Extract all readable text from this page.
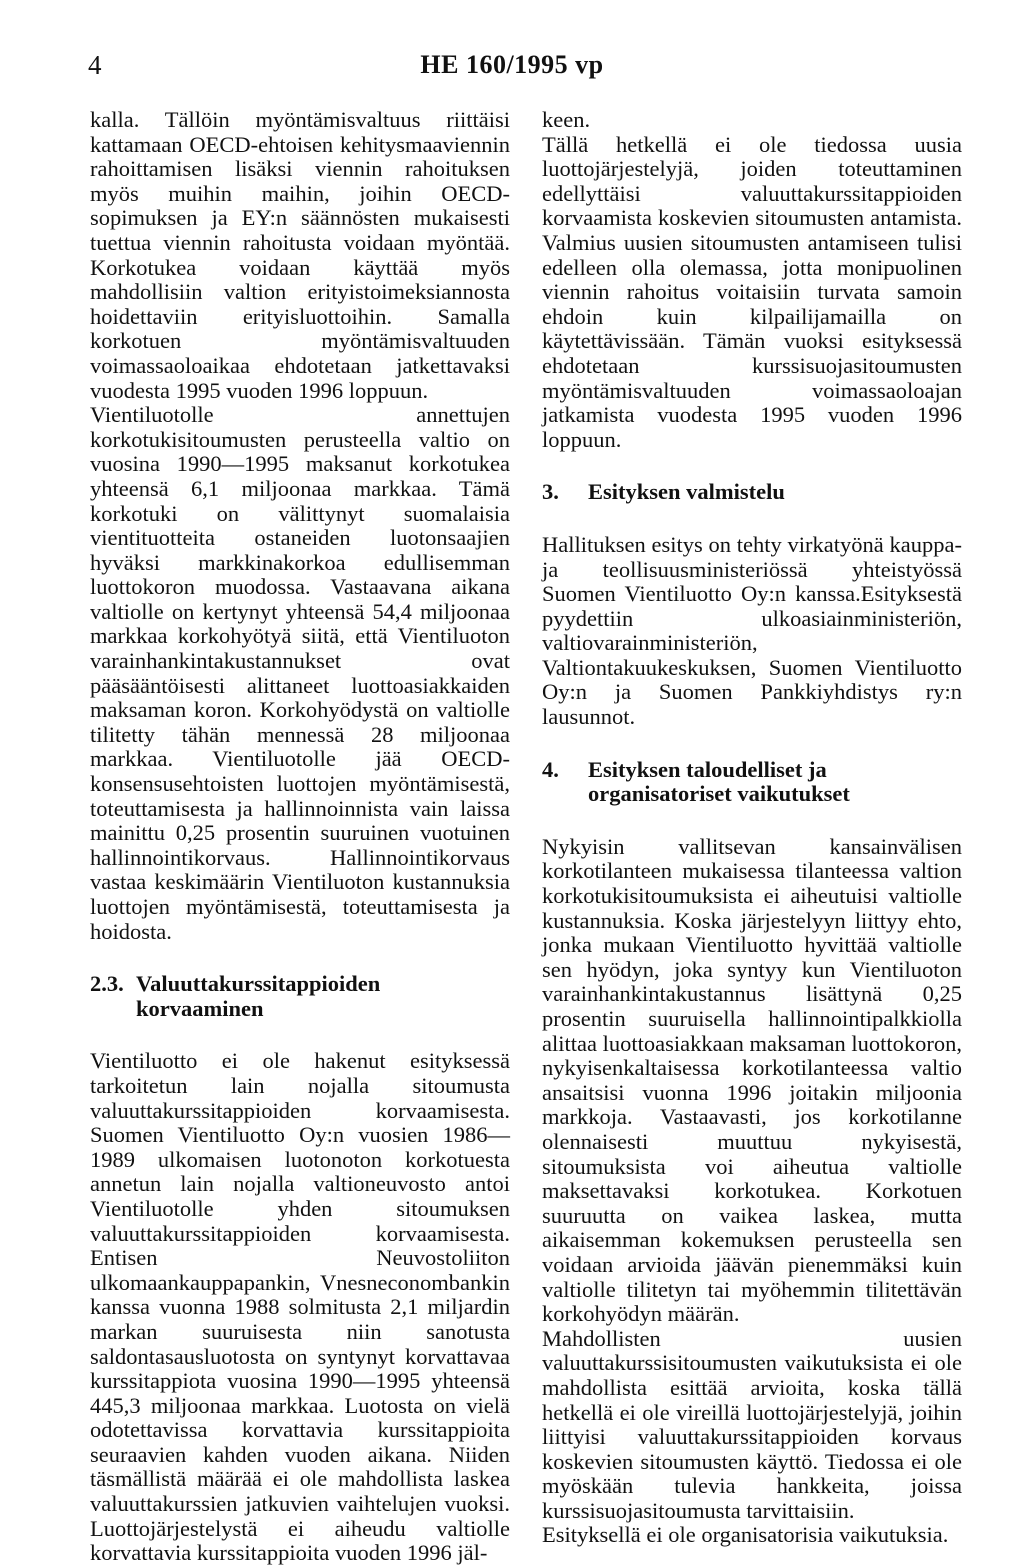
4	HE 160/1995 vp

kalla. Tällöin myöntämisvaltuus riittäisi kattamaan OECD-ehtoisen kehitysmaaviennin rahoittamisen lisäksi viennin rahoituksen myös muihin maihin, joihin OECD-sopimuksen ja EY:n säännösten mukaisesti tuettua viennin rahoitusta voidaan myöntää. Korkotukea voidaan käyttää myös mahdollisiin valtion erityistoimeksiannosta hoidettaviin erityisluottoihin. Samalla korkotuen myöntämisvaltuuden voimassaoloaikaa ehdotetaan jatkettavaksi vuodesta 1995 vuoden 1996 loppuun.

Vientiluotolle annettujen korkotukisitoumusten perusteella valtio on vuosina 1990—1995 maksanut korkotukea yhteensä 6,1 miljoonaa markkaa. Tämä korkotuki on välittynyt suomalaisia vientituotteita ostaneiden luotonsaajien hyväksi markkinakorkoa edullisemman luottokoron muodossa. Vastaavana aikana valtiolle on kertynyt yhteensä 54,4 miljoonaa markkaa korkohyötyä siitä, että Vientiluoton varainhankintakustannukset ovat pääsääntöisesti alittaneet luottoasiakkaiden maksaman koron. Korkohyödystä on valtiolle tilitetty tähän mennessä 28 miljoonaa markkaa. Vientiluotolle jää OECD-konsensusehtoisten luottojen myöntämisestä, toteuttamisesta ja hallinnoinnista vain laissa mainittu 0,25 prosentin suuruinen vuotuinen hallinnointikorvaus. Hallinnointikorvaus vastaa keskimäärin Vientiluoton kustannuksia luottojen myöntämisestä, toteuttamisesta ja hoidosta.

2.3. Valuuttakurssitappioiden korvaaminen

Vientiluotto ei ole hakenut esityksessä tarkoitetun lain nojalla sitoumusta valuuttakurssitappioiden korvaamisesta. Suomen Vientiluotto Oy:n vuosien 1986—1989 ulkomaisen luotonoton korkotuesta annetun lain nojalla valtioneuvosto antoi Vientiluotolle yhden sitoumuksen valuuttakurssitappioiden korvaamisesta. Entisen Neuvostoliiton ulkomaankauppapankin, Vnesneconombankin kanssa vuonna 1988 solmitusta 2,1 miljardin markan suuruisesta niin sanotusta saldontasausluotosta on syntynyt korvattavaa kurssitappiota vuosina 1990—1995 yhteensä 445,3 miljoonaa markkaa. Luotosta on vielä odotettavissa korvattavia kurssitappioita seuraavien kahden vuoden aikana. Niiden täsmällistä määrää ei ole mahdollista laskea valuuttakurssien jatkuvien vaihtelujen vuoksi. Luottojärjestelystä ei aiheudu valtiolle korvattavia kurssitappioita vuoden 1996 jäl-

keen.

Tällä hetkellä ei ole tiedossa uusia luottojärjestelyjä, joiden toteuttaminen edellyttäisi valuuttakurssitappioiden korvaamista koskevien sitoumusten antamista. Valmius uusien sitoumusten antamiseen tulisi edelleen olla olemassa, jotta monipuolinen viennin rahoitus voitaisiin turvata samoin ehdoin kuin kilpailijamailla on käytettävissään. Tämän vuoksi esityksessä ehdotetaan kurssisuojasitoumusten myöntämisvaltuuden voimassaoloajan jatkamista vuodesta 1995 vuoden 1996 loppuun.

3.	Esityksen valmistelu

Hallituksen esitys on tehty virkatyönä kauppa- ja teollisuusministeriössä yhteistyössä Suomen Vientiluotto Oy:n kanssa.Esityksestä pyydettiin ulkoasiainministeriön, valtiovarainministeriön, Valtiontakuukeskuksen, Suomen Vientiluotto Oy:n ja Suomen Pankkiyhdistys ry:n lausunnot.

4.	Esityksen taloudelliset ja organisatoriset vaikutukset

Nykyisin vallitsevan kansainvälisen korkotilanteen mukaisessa tilanteessa valtion korkotukisitoumuksista ei aiheutuisi valtiolle kustannuksia. Koska järjestelyyn liittyy ehto, jonka mukaan Vientiluotto hyvittää valtiolle sen hyödyn, joka syntyy kun Vientiluoton varainhankintakustannus lisättynä 0,25 prosentin suuruisella hallinnointipalkkiolla alittaa luottoasiakkaan maksaman luottokoron, nykyisenkaltaisessa korkotilanteessa valtio ansaitsisi vuonna 1996 joitakin miljoonia markkoja. Vastaavasti, jos korkotilanne olennaisesti muuttuu nykyisestä, sitoumuksista voi aiheutua valtiolle maksettavaksi korkotukea. Korkotuen suuruutta on vaikea laskea, mutta aikaisemman kokemuksen perusteella sen voidaan arvioida jäävän pienemmäksi kuin valtiolle tilitetyn tai myöhemmin tilitettävän korkohyödyn määrän.

Mahdollisten uusien valuuttakurssisitoumusten vaikutuksista ei ole mahdollista esittää arvioita, koska tällä hetkellä ei ole vireillä luottojärjestelyjä, joihin liittyisi valuuttakurssitappioiden korvaus koskevien sitoumusten käyttö. Tiedossa ei ole myöskään tulevia hankkeita, joissa kurssisuojasitoumusta tarvittaisiin.

Esityksellä ei ole organisatorisia vaikutuksia.
